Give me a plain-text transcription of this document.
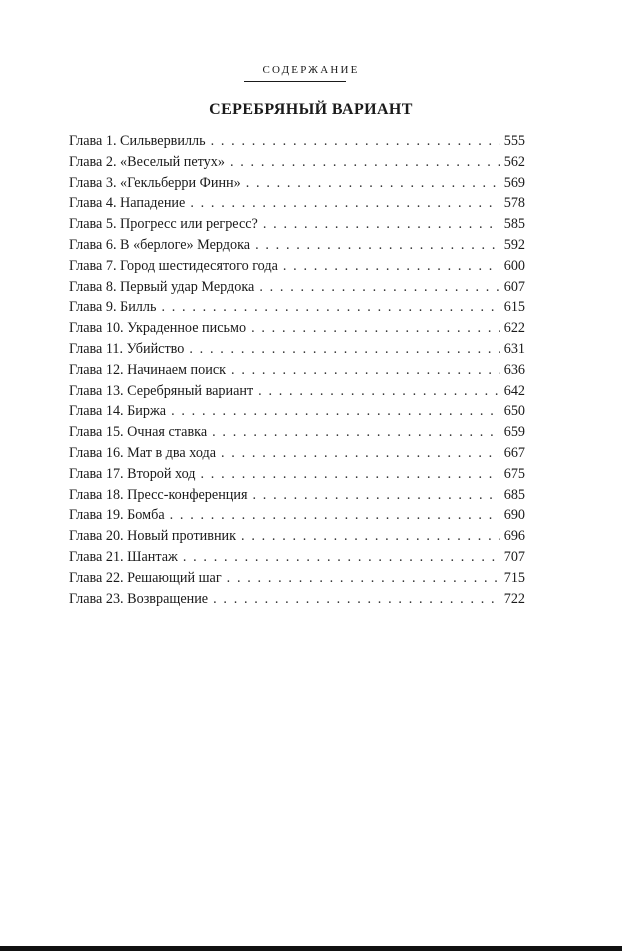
СОДЕРЖАНИЕ
СЕРЕБРЯНЫЙ ВАРИАНТ
Глава 1. Сильвервилль . . .	555
Глава 2. «Веселый петух» . . .	562
Глава 3. «Гекльберри Финн» . . .	569
Глава 4. Нападение . . .	578
Глава 5. Прогресс или регресс? . . .	585
Глава 6. В «берлоге» Мердока . . .	592
Глава 7. Город шестидесятого года . . .	600
Глава 8. Первый удар Мердока . . .	607
Глава 9. Билль . . .	615
Глава 10. Украденное письмо . . .	622
Глава 11. Убийство . . .	631
Глава 12. Начинаем поиск . . .	636
Глава 13. Серебряный вариант . . .	642
Глава 14. Биржа . . .	650
Глава 15. Очная ставка . . .	659
Глава 16. Мат в два хода . . .	667
Глава 17. Второй ход . . .	675
Глава 18. Пресс-конференция . . .	685
Глава 19. Бомба . . .	690
Глава 20. Новый противник . . .	696
Глава 21. Шантаж . . .	707
Глава 22. Решающий шаг . . .	715
Глава 23. Возвращение . . .	722
